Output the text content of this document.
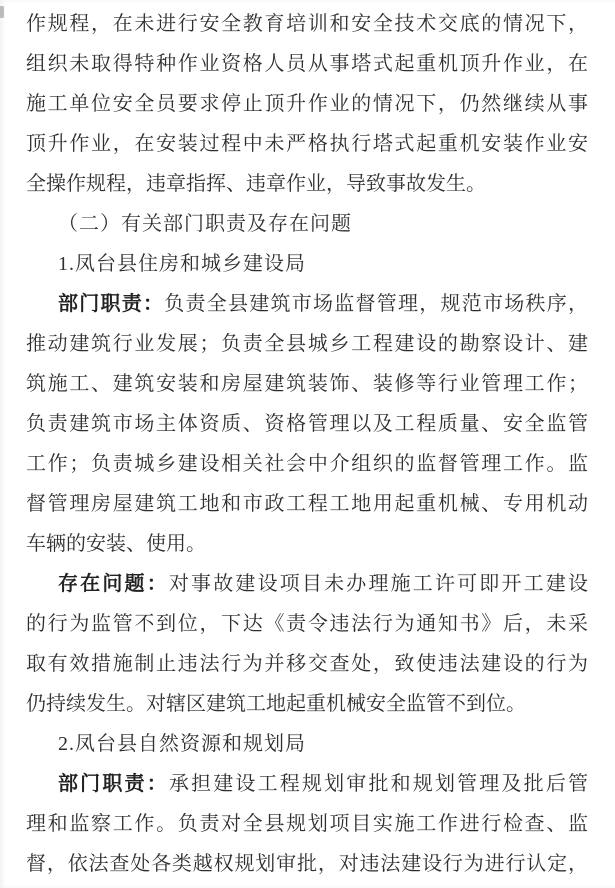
作规程，在未进行安全教育培训和安全技术交底的情况下，
组织未取得特种作业资格人员从事塔式起重机顶升作业，在
施工单位安全员要求停止顶升作业的情况下，仍然继续从事
顶升作业，在安装过程中未严格执行塔式起重机安装作业安
全操作规程，违章指挥、违章作业，导致事故发生。
（二）有关部门职责及存在问题
1.凤台县住房和城乡建设局
部门职责：负责全县建筑市场监督管理，规范市场秩序，
推动建筑行业发展；负责全县城乡工程建设的勘察设计、建
筑施工、建筑安装和房屋建筑装饰、装修等行业管理工作；
负责建筑市场主体资质、资格管理以及工程质量、安全监管
工作；负责城乡建设相关社会中介组织的监督管理工作。监
督管理房屋建筑工地和市政工程工地用起重机械、专用机动
车辆的安装、使用。
存在问题：对事故建设项目未办理施工许可即开工建设
的行为监管不到位，下达《责令违法行为通知书》后，未采
取有效措施制止违法行为并移交查处，致使违法建设的行为
仍持续发生。对辖区建筑工地起重机械安全监管不到位。
2.凤台县自然资源和规划局
部门职责：承担建设工程规划审批和规划管理及批后管
理和监察工作。负责对全县规划项目实施工作进行检查、监
督，依法查处各类越权规划审批，对违法建设行为进行认定，
